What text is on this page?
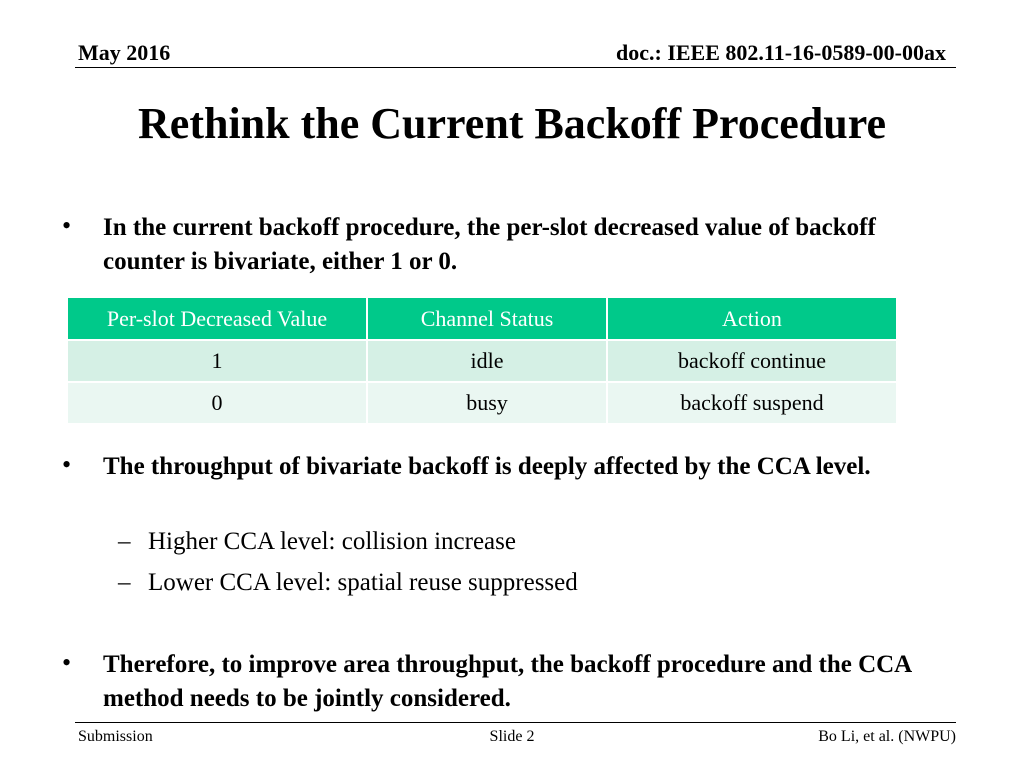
May 2016	doc.: IEEE 802.11-16-0589-00-00ax
Rethink the Current Backoff Procedure
• In the current backoff procedure, the per-slot decreased value of backoff counter is bivariate, either 1 or 0.
Per-slot Decreased Value	Channel Status	Action
1	idle	backoff continue
0	busy	backoff suspend
• The throughput of bivariate backoff is deeply affected by the CCA level.
– Higher CCA level: collision increase
– Lower CCA level: spatial reuse suppressed
• Therefore, to improve area throughput, the backoff procedure and the CCA method needs to be jointly considered.
Submission	Slide 2	Bo Li, et al. (NWPU)
